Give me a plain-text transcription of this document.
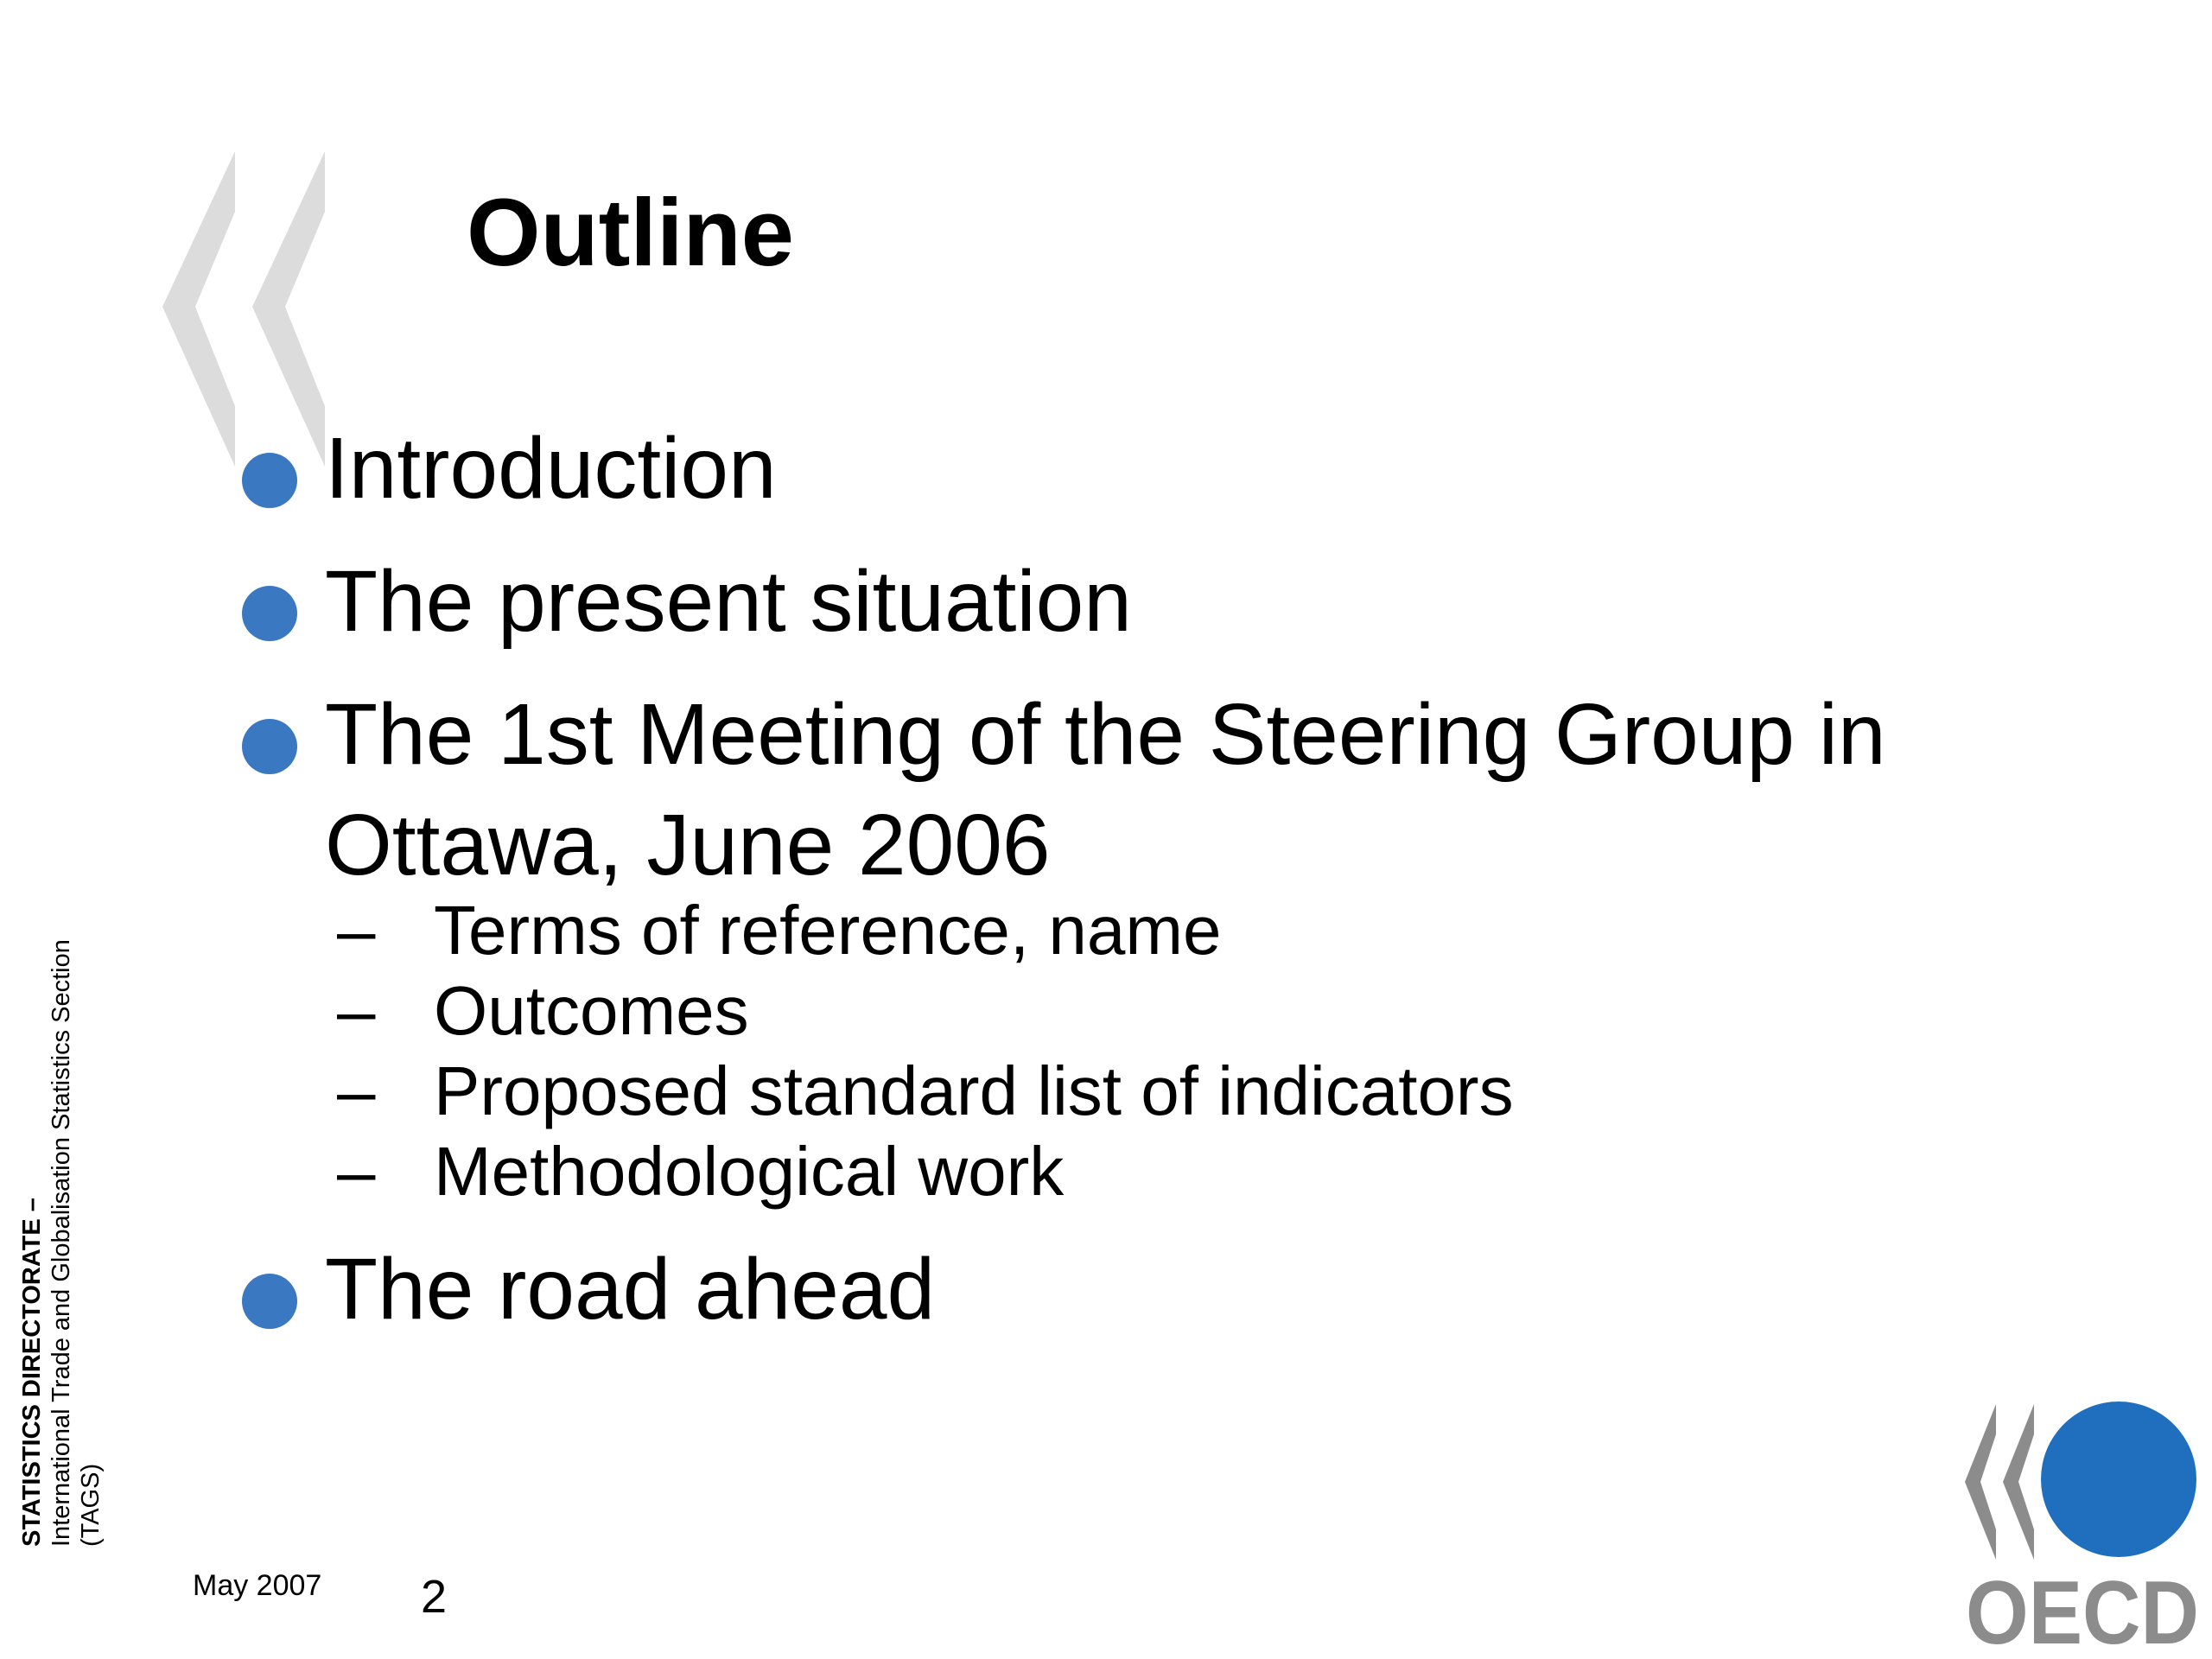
Outline
Introduction
The present situation
The 1st Meeting of the Steering Group in Ottawa, June 2006
– Terms of reference, name
– Outcomes
– Proposed standard list of indicators
– Methodological work
The road ahead
STATISTICS DIRECTORATE – International Trade and Globalisation Statistics Section (TAGS)
May 2007 2	OECD
